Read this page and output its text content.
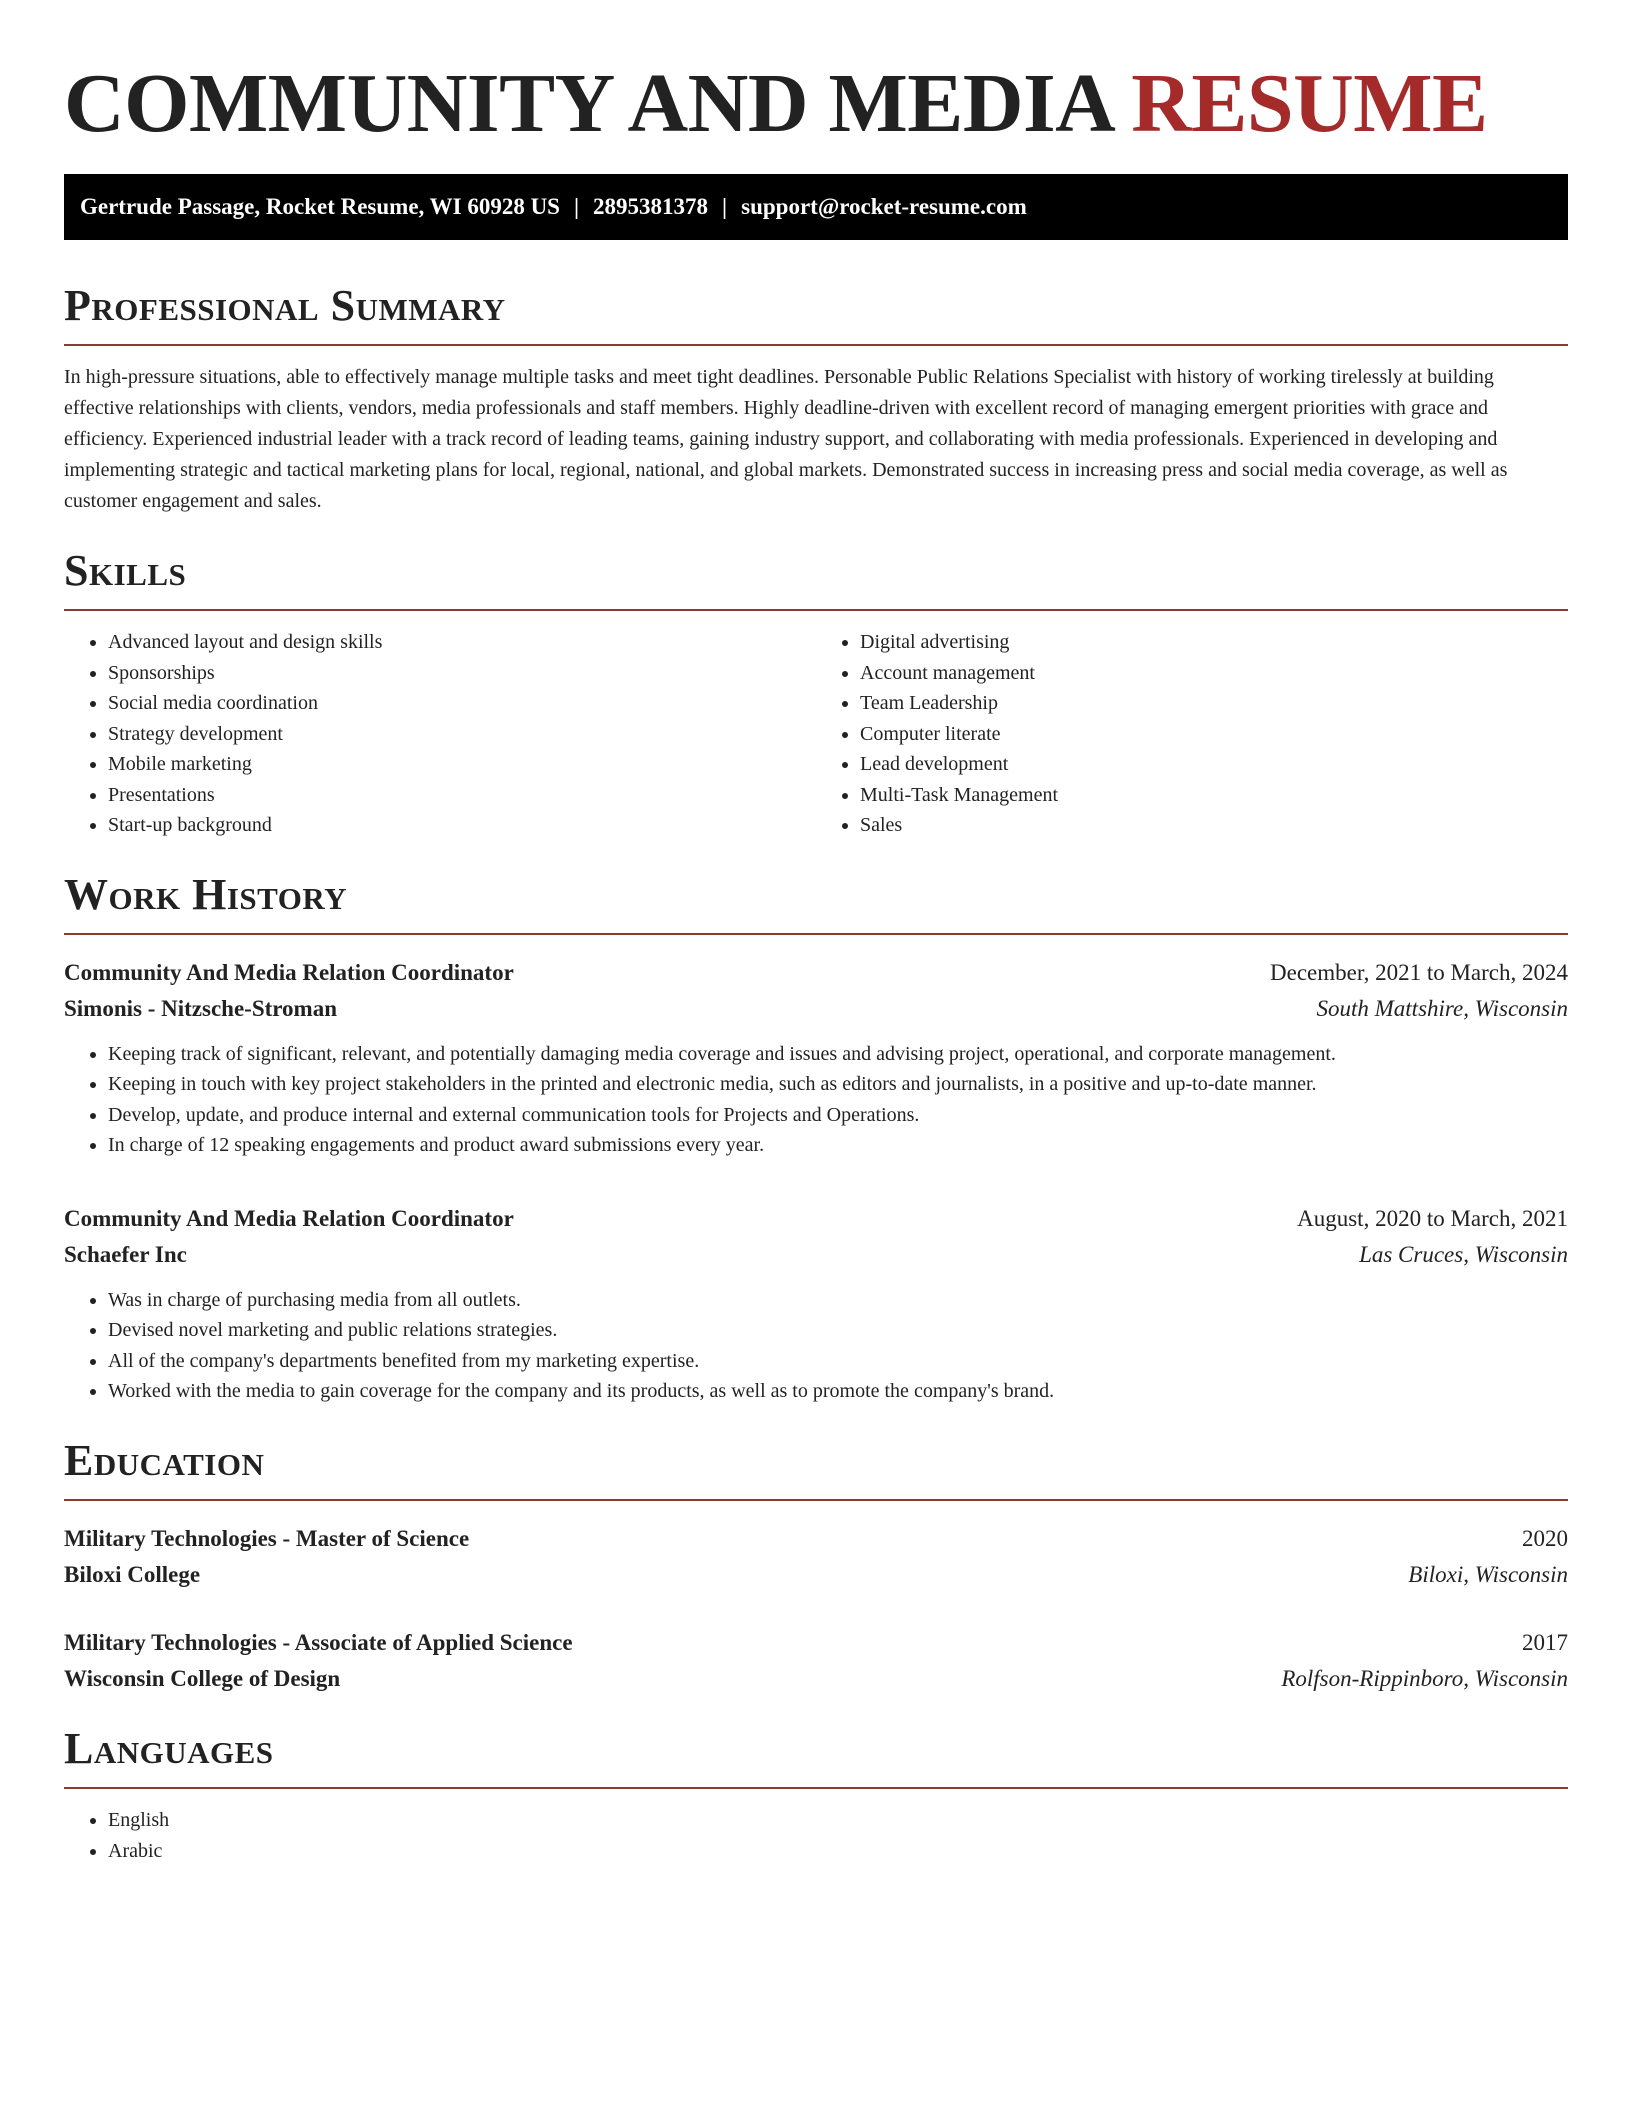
COMMUNITY AND MEDIA RESUME
Gertrude Passage, Rocket Resume, WI 60928 US | 2895381378 | support@rocket-resume.com
Professional Summary

In high-pressure situations, able to effectively manage multiple tasks and meet tight deadlines. Personable Public Relations Specialist with history of working tirelessly at building effective relationships with clients, vendors, media professionals and staff members. Highly deadline-driven with excellent record of managing emergent priorities with grace and efficiency. Experienced industrial leader with a track record of leading teams, gaining industry support, and collaborating with media professionals. Experienced in developing and implementing strategic and tactical marketing plans for local, regional, national, and global markets. Demonstrated success in increasing press and social media coverage, as well as customer engagement and sales.

Skills
• Advanced layout and design skills
• Sponsorships
• Social media coordination
• Strategy development
• Mobile marketing
• Presentations
• Start-up background
• Digital advertising
• Account management
• Team Leadership
• Computer literate
• Lead development
• Multi-Task Management
• Sales
Work History
Community And Media Relation Coordinator	December, 2021 to March, 2024
Simonis - Nitzsche-Stroman	South Mattshire, Wisconsin
• Keeping track of significant, relevant, and potentially damaging media coverage and issues and advising project, operational, and corporate management.
• Keeping in touch with key project stakeholders in the printed and electronic media, such as editors and journalists, in a positive and up-to-date manner.
• Develop, update, and produce internal and external communication tools for Projects and Operations.
• In charge of 12 speaking engagements and product award submissions every year.
Community And Media Relation Coordinator	August, 2020 to March, 2021
Schaefer Inc	Las Cruces, Wisconsin
• Was in charge of purchasing media from all outlets.
• Devised novel marketing and public relations strategies.
• All of the company's departments benefited from my marketing expertise.
• Worked with the media to gain coverage for the company and its products, as well as to promote the company's brand.
Education
Military Technologies - Master of Science	2020
Biloxi College	Biloxi, Wisconsin
Military Technologies - Associate of Applied Science	2017
Wisconsin College of Design	Rolfson-Rippinboro, Wisconsin
Languages
• English
• Arabic
